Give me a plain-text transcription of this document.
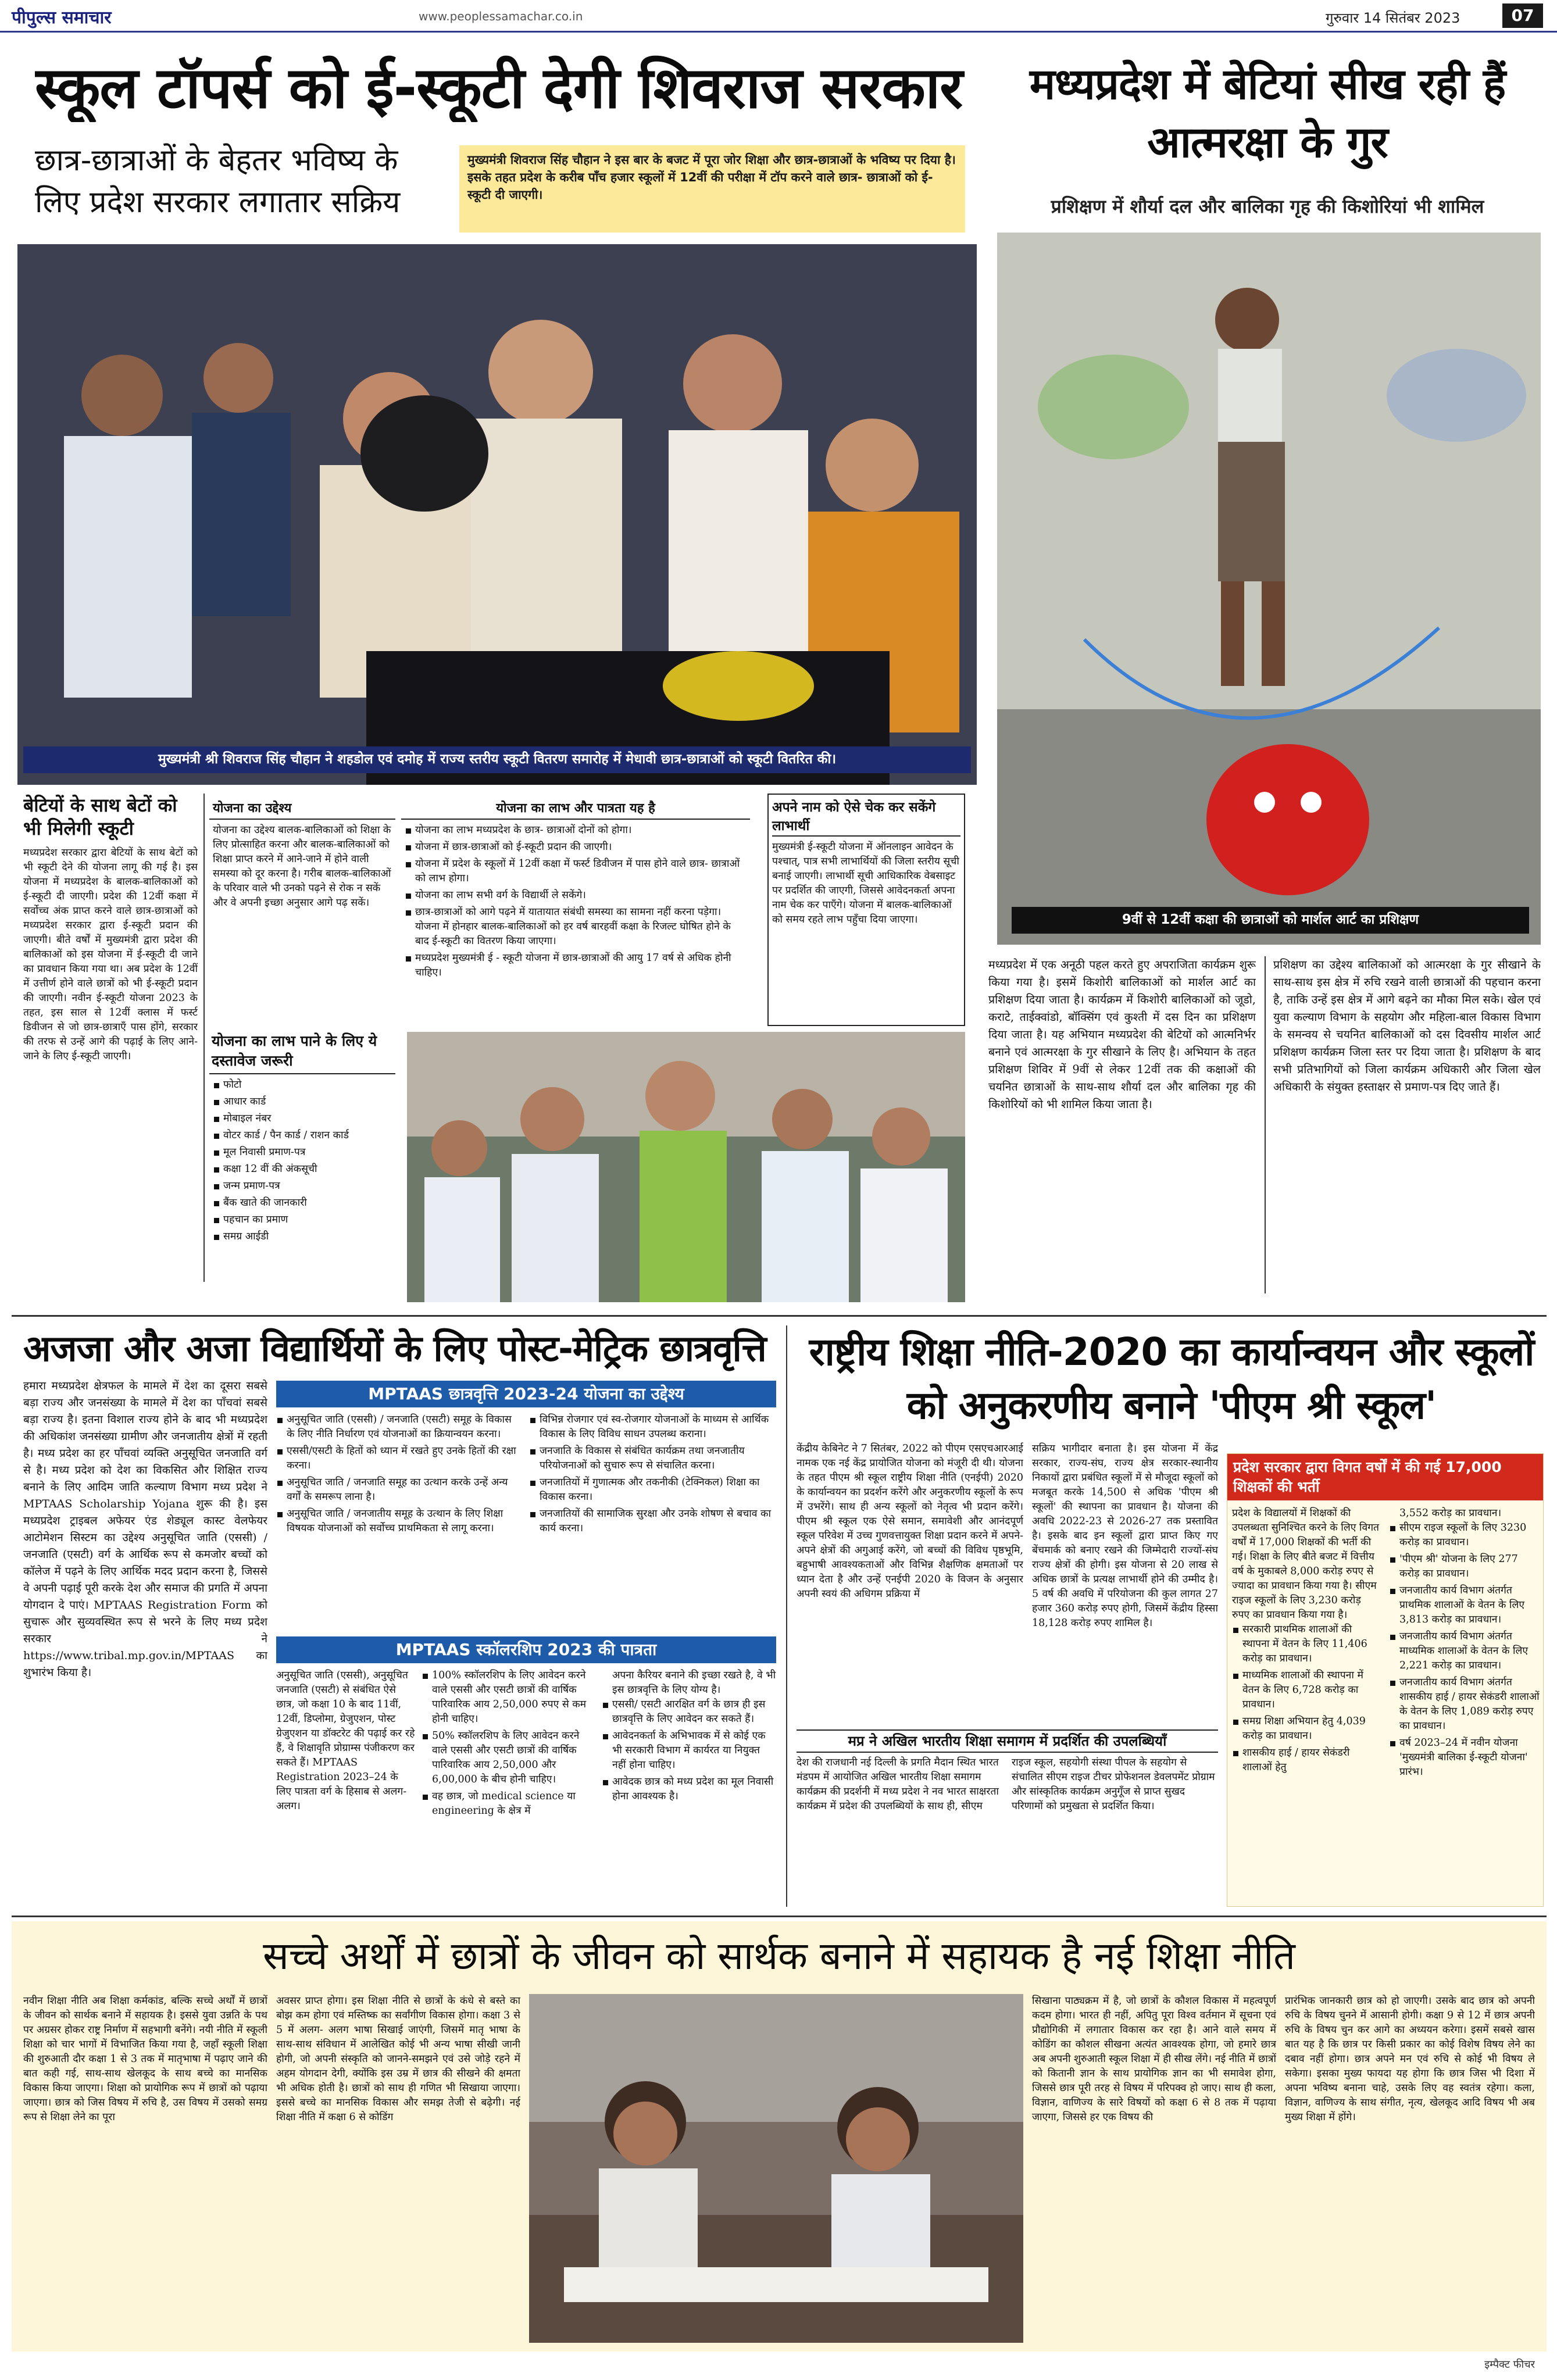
पीपुल्स समाचार	www.peoplessamachar.co.in	गुरुवार 14 सितंबर 2023	07
स्कूल टॉपर्स को ई-स्कूटी देगी शिवराज सरकार
छात्र-छात्राओं के बेहतर भविष्य के लिए प्रदेश सरकार लगातार सक्रिय
मुख्यमंत्री शिवराज सिंह चौहान ने इस बार के बजट में पूरा जोर शिक्षा और छात्र-छात्राओं के भविष्य पर दिया है। इसके तहत प्रदेश के करीब पाँच हजार स्कूलों में 12वीं की परीक्षा में टॉप करने वाले छात्र- छात्राओं को ई- स्कूटी दी जाएगी।
मुख्यमंत्री श्री शिवराज सिंह चौहान ने शहडोल एवं दमोह में राज्य स्तरीय स्कूटी वितरण समारोह में मेधावी छात्र-छात्राओं को स्कूटी वितरित की।
बेटियों के साथ बेटों को भी मिलेगी स्कूटी
मध्यप्रदेश सरकार द्वारा बेटियों के साथ बेटों को भी स्कूटी देने की योजना लागू की गई है। इस योजना में मध्यप्रदेश के बालक-बालिकाओं को ई-स्कूटी दी जाएगी। प्रदेश की 12वीं कक्षा में सर्वोच्च अंक प्राप्त करने वाले छात्र-छात्राओं को मध्यप्रदेश सरकार द्वारा ई-स्कूटी प्रदान की जाएगी। बीते वर्षों में मुख्यमंत्री द्वारा प्रदेश की बालिकाओं को इस योजना में ई-स्कूटी दी जाने का प्रावधान किया गया था। अब प्रदेश के 12वीं में उत्तीर्ण होने वाले छात्रों को भी ई-स्कूटी प्रदान की जाएगी। नवीन ई-स्कूटी योजना 2023 के तहत, इस साल से 12वीं क्लास में फर्स्ट डिवीजन से जो छात्र-छात्राएँ पास होंगे, सरकार की तरफ से उन्हें आगे की पढ़ाई के लिए आने-जाने के लिए ई-स्कूटी जाएगी।
योजना का उद्देश्य
योजना का उद्देश्य बालक-बालिकाओं को शिक्षा के लिए प्रोत्साहित करना और बालक-बालिकाओं को शिक्षा प्राप्त करने में आने-जाने में होने वाली समस्या को दूर करना है। गरीब बालक-बालिकाओं के परिवार वाले भी उनको पढ़ने से रोक न सकें और वे अपनी इच्छा अनुसार आगे पढ़ सकें।
योजना का लाभ और पात्रता यह है
योजना का लाभ मध्यप्रदेश के छात्र- छात्राओं दोनों को होगा।
योजना में छात्र-छात्राओं को ई-स्कूटी प्रदान की जाएगी।
योजना में प्रदेश के स्कूलों में 12वीं कक्षा में फर्स्ट डिवीजन में पास होने वाले छात्र- छात्राओं को लाभ होगा।
योजना का लाभ सभी वर्ग के विद्यार्थी ले सकेंगे।
छात्र-छात्राओं को आगे पढ़ने में यातायात संबंधी समस्या का सामना नहीं करना पड़ेगा। योजना में होनहार बालक-बालिकाओं को हर वर्ष बारहवीं कक्षा के रिजल्ट घोषित होने के बाद ई-स्कूटी का वितरण किया जाएगा।
मध्यप्रदेश मुख्यमंत्री ई - स्कूटी योजना में छात्र-छात्राओं की आयु 17 वर्ष से अधिक होनी चाहिए।
अपने नाम को ऐसे चेक कर सकेंगे लाभार्थी
मुख्यमंत्री ई-स्कूटी योजना में ऑनलाइन आवेदन के पश्चात्, पात्र सभी लाभार्थियों की जिला स्तरीय सूची बनाई जाएगी। लाभार्थी सूची आधिकारिक वेबसाइट पर प्रदर्शित की जाएगी, जिससे आवेदनकर्ता अपना नाम चेक कर पाएँगे। योजना में बालक-बालिकाओं को समय रहते लाभ पहुँचा दिया जाएगा।
योजना का लाभ पाने के लिए ये दस्तावेज जरूरी
फोटो
आधार कार्ड
मोबाइल नंबर
वोटर कार्ड / पैन कार्ड / राशन कार्ड
मूल निवासी प्रमाण-पत्र
कक्षा 12 वीं की अंकसूची
जन्म प्रमाण-पत्र
बैंक खाते की जानकारी
पहचान का प्रमाण
समग्र आईडी
मध्यप्रदेश में बेटियां सीख रही हैं आत्मरक्षा के गुर
प्रशिक्षण में शौर्या दल और बालिका गृह की किशोरियां भी शामिल
9वीं से 12वीं कक्षा की छात्राओं को मार्शल आर्ट का प्रशिक्षण
मध्यप्रदेश में एक अनूठी पहल करते हुए अपराजिता कार्यक्रम शुरू किया गया है। इसमें किशोरी बालिकाओं को मार्शल आर्ट का प्रशिक्षण दिया जाता है। कार्यक्रम में किशोरी बालिकाओं को जूडो, कराटे, ताईक्वांडो, बॉक्सिंग एवं कुश्ती में दस दिन का प्रशिक्षण दिया जाता है। यह अभियान मध्यप्रदेश की बेटियों को आत्मनिर्भर बनाने एवं आत्मरक्षा के गुर सीखाने के लिए है। अभियान के तहत प्रशिक्षण शिविर में 9वीं से लेकर 12वीं तक की कक्षाओं की चयनित छात्राओं के साथ-साथ शौर्या दल और बालिका गृह की किशोरियों को भी शामिल किया जाता है।
प्रशिक्षण का उद्देश्य बालिकाओं को आत्मरक्षा के गुर सीखाने के साथ-साथ इस क्षेत्र में रुचि रखने वाली छात्राओं की पहचान करना है, ताकि उन्हें इस क्षेत्र में आगे बढ़ने का मौका मिल सके। खेल एवं युवा कल्याण विभाग के सहयोग और महिला-बाल विकास विभाग के समन्वय से चयनित बालिकाओं को दस दिवसीय मार्शल आर्ट प्रशिक्षण कार्यक्रम जिला स्तर पर दिया जाता है। प्रशिक्षण के बाद सभी प्रतिभागियों को जिला कार्यक्रम अधिकारी और जिला खेल अधिकारी के संयुक्त हस्ताक्षर से प्रमाण-पत्र दिए जाते हैं।
अजजा और अजा विद्यार्थियों के लिए पोस्ट-मेट्रिक छात्रवृत्ति
हमारा मध्यप्रदेश क्षेत्रफल के मामले में देश का दूसरा सबसे बड़ा राज्य और जनसंख्या के मामले में देश का पाँचवां सबसे बड़ा राज्य है। इतना विशाल राज्य होने के बाद भी मध्यप्रदेश की अधिकांश जनसंख्या ग्रामीण और जनजातीय क्षेत्रों में रहती है। मध्य प्रदेश का हर पाँचवां व्यक्ति अनुसूचित जनजाति वर्ग से है। मध्य प्रदेश को देश का विकसित और शिक्षित राज्य बनाने के लिए आदिम जाति कल्याण विभाग मध्य प्रदेश ने MPTAAS Scholarship Yojana शुरू की है। इस मध्यप्रदेश ट्राइबल अफेयर एंड शेड्यूल कास्ट वेलफेयर आटोमेशन सिस्टम का उद्देश्य अनुसूचित जाति (एससी) / जनजाति (एसटी) वर्ग के आर्थिक रूप से कमजोर बच्चों को कॉलेज में पढ़ने के लिए आर्थिक मदद प्रदान करना है, जिससे वे अपनी पढ़ाई पूरी करके देश और समाज की प्रगति में अपना योगदान दे पाएं। MPTAAS Registration Form को सुचारू और सुव्यवस्थित रूप से भरने के लिए मध्य प्रदेश सरकार ने https://www.tribal.mp.gov.in/MPTAAS का शुभारंभ किया है।
MPTAAS छात्रवृत्ति 2023-24 योजना का उद्देश्य
अनुसूचित जाति (एससी) / जनजाति (एसटी) समूह के विकास के लिए नीति निर्धारण एवं योजनाओं का क्रियान्वयन करना।
एससी/एसटी के हितों को ध्यान में रखते हुए उनके हितों की रक्षा करना।
अनुसूचित जाति / जनजाति समूह का उत्थान करके उन्हें अन्य वर्गों के समरूप लाना है।
अनुसूचित जाति / जनजातीय समूह के उत्थान के लिए शिक्षा विषयक योजनाओं को सर्वोच्च प्राथमिकता से लागू करना।
विभिन्न रोजगार एवं स्व-रोजगार योजनाओं के माध्यम से आर्थिक विकास के लिए विविध साधन उपलब्ध कराना।
जनजाति के विकास से संबंधित कार्यक्रम तथा जनजातीय परियोजनाओं को सुचारु रूप से संचालित करना।
जनजातियों में गुणात्मक और तकनीकी (टेक्निकल) शिक्षा का विकास करना।
जनजातियों की सामाजिक सुरक्षा और उनके शोषण से बचाव का कार्य करना।
MPTAAS स्कॉलरशिप 2023 की पात्रता
अनुसूचित जाति (एससी), अनुसूचित जनजाति (एसटी) से संबंधित ऐसे छात्र, जो कक्षा 10 के बाद 11वीं, 12वीं, डिप्लोमा, ग्रेजुएशन, पोस्ट ग्रेजुएशन या डॉक्टरेट की पढ़ाई कर रहे हैं, वे शिक्षावृति प्रोग्राम्स पंजीकरण कर सकते हैं। MPTAAS Registration 2023–24 के लिए पात्रता वर्ग के हिसाब से अलग-अलग।
100% स्कॉलरशिप के लिए आवेदन करने वाले एससी और एसटी छात्रों की वार्षिक पारिवारिक आय 2,50,000 रुपए से कम होनी चाहिए।
50% स्कॉलरशिप के लिए आवेदन करने वाले एससी और एसटी छात्रों की वार्षिक पारिवारिक आय 2,50,000 और 6,00,000 के बीच होनी चाहिए।
वह छात्र, जो medical science या engineering के क्षेत्र में
अपना कैरियर बनाने की इच्छा रखते है, वे भी इस छात्रवृत्ति के लिए योग्य है।
एससी/ एसटी आरक्षित वर्ग के छात्र ही इस छात्रवृत्ति के लिए आवेदन कर सकते हैं।
आवेदनकर्ता के अभिभावक में से कोई एक भी सरकारी विभाग में कार्यरत या नियुक्त नहीं होना चाहिए।
आवेदक छात्र को मध्य प्रदेश का मूल निवासी होना आवश्यक है।
राष्ट्रीय शिक्षा नीति-2020 का कार्यान्वयन और स्कूलों को अनुकरणीय बनाने 'पीएम श्री स्कूल'
केंद्रीय केबिनेट ने 7 सितंबर, 2022 को पीएम एसएचआरआई नामक एक नई केंद्र प्रायोजित योजना को मंजूरी दी थी। योजना के तहत पीएम श्री स्कूल राष्ट्रीय शिक्षा नीति (एनईपी) 2020 के कार्यान्वयन का प्रदर्शन करेंगे और अनुकरणीय स्कूलों के रूप में उभरेंगे। साथ ही अन्य स्कूलों को नेतृत्व भी प्रदान करेंगे। पीएम श्री स्कूल एक ऐसे समान, समावेशी और आनंदपूर्ण स्कूल परिवेश में उच्च गुणवत्तायुक्त शिक्षा प्रदान करने में अपने-अपने क्षेत्रों की अगुआई करेंगे, जो बच्चों की विविध पृष्ठभूमि, बहुभाषी आवश्यकताओं और विभिन्न शैक्षणिक क्षमताओं पर ध्यान देता है और उन्हें एनईपी 2020 के विजन के अनुसार अपनी स्वयं की अधिगम प्रक्रिया में
सक्रिय भागीदार बनाता है। इस योजना में केंद्र सरकार, राज्य-संघ, राज्य क्षेत्र सरकार-स्थानीय निकायों द्वारा प्रबंधित स्कूलों में से मौजूदा स्कूलों को मजबूत करके 14,500 से अधिक 'पीएम श्री स्कूलों' की स्थापना का प्रावधान है। योजना की अवधि 2022-23 से 2026-27 तक प्रस्तावित है। इसके बाद इन स्कूलों द्वारा प्राप्त किए गए बेंचमार्क को बनाए रखने की जिम्मेदारी राज्यों-संघ राज्य क्षेत्रों की होगी। इस योजना से 20 लाख से अधिक छात्रों के प्रत्यक्ष लाभार्थी होने की उम्मीद है। 5 वर्ष की अवधि में परियोजना की कुल लागत 27 हजार 360 करोड़ रुपए होगी, जिसमें केंद्रीय हिस्सा 18,128 करोड़ रुपए शामिल है।
मप्र ने अखिल भारतीय शिक्षा समागम में प्रदर्शित की उपलब्धियाँ
देश की राजधानी नई दिल्ली के प्रगति मैदान स्थित भारत मंडपम में आयोजित अखिल भारतीय शिक्षा समागम कार्यक्रम की प्रदर्शनी में मध्य प्रदेश ने नव भारत साक्षरता कार्यक्रम में प्रदेश की उपलब्धियों के साथ ही, सीएम
राइज स्कूल, सहयोगी संस्था पीपल के सहयोग से संचालित सीएम राइज टीचर प्रोफेशनल डेवलपमेंट प्रोग्राम और सांस्कृतिक कार्यक्रम अनुगूँज से प्राप्त सुखद परिणामों को प्रमुखता से प्रदर्शित किया।
प्रदेश सरकार द्वारा विगत वर्षों में की गई 17,000 शिक्षकों की भर्ती
प्रदेश के विद्यालयों में शिक्षकों की उपलब्धता सुनिश्चित करने के लिए विगत वर्षों में 17,000 शिक्षकों की भर्ती की गई। शिक्षा के लिए बीते बजट में वित्तीय वर्ष के मुकाबले 8,000 करोड़ रुपए से ज्यादा का प्रावधान किया गया है। सीएम राइज स्कूलों के लिए 3,230 करोड़ रुपए का प्रावधान किया गया है।
सरकारी प्राथमिक शालाओं की स्थापना में वेतन के लिए 11,406 करोड़ का प्रावधान।
माध्यमिक शालाओं की स्थापना में वेतन के लिए 6,728 करोड़ का प्रावधान।
समग्र शिक्षा अभियान हेतु 4,039 करोड़ का प्रावधान।
शासकीय हाई / हायर सेकंडरी शालाओं हेतु
3,552 करोड़ का प्रावधान।
सीएम राइज स्कूलों के लिए 3230 करोड़ का प्रावधान।
'पीएम श्री' योजना के लिए 277 करोड़ का प्रावधान।
जनजातीय कार्य विभाग अंतर्गत प्राथमिक शालाओं के वेतन के लिए 3,813 करोड़ का प्रावधान।
जनजातीय कार्य विभाग अंतर्गत माध्यमिक शालाओं के वेतन के लिए 2,221 करोड़ का प्रावधान।
जनजातीय कार्य विभाग अंतर्गत शासकीय हाई / हायर सेकंडरी शालाओं के वेतन के लिए 1,089 करोड़ रुपए का प्रावधान।
वर्ष 2023–24 में नवीन योजना 'मुख्यमंत्री बालिका ई-स्कूटी योजना' प्रारंभ।
सच्चे अर्थों में छात्रों के जीवन को सार्थक बनाने में सहायक है नई शिक्षा नीति
नवीन शिक्षा नीति अब शिक्षा कर्मकांड, बल्कि सच्चे अर्थों में छात्रों के जीवन को सार्थक बनाने में सहायक है। इससे युवा उन्नति के पथ पर अग्रसर होकर राष्ट्र निर्माण में सहभागी बनेंगे। नयी नीति में स्कूली शिक्षा को चार भागों में विभाजित किया गया है, जहाँ स्कूली शिक्षा की शुरुआती दौर कक्षा 1 से 3 तक में मातृभाषा में पढ़ाए जाने की बात कही गई, साथ-साथ खेलकूद के साथ बच्चे का मानसिक विकास किया जाएगा। शिक्षा को प्रायोगिक रूप में छात्रों को पढ़ाया जाएगा। छात्र को जिस विषय में रुचि है, उस विषय में उसको समग्र रूप से शिक्षा लेने का पूरा
अवसर प्राप्त होगा। इस शिक्षा नीति से छात्रों के कंधे से बस्ते का बोझ कम होगा एवं मस्तिष्क का सर्वांगीण विकास होगा। कक्षा 3 से 5 में अलग- अलग भाषा सिखाई जाएंगी, जिसमें मातृ भाषा के साथ-साथ संविधान में आलेखित कोई भी अन्य भाषा सीखी जानी होगी, जो अपनी संस्कृति को जानने-समझने एवं उसे जोड़े रहने में अहम योगदान देगी, क्योंकि इस उम्र में छात्र की सीखने की क्षमता भी अधिक होती है। छात्रों को साथ ही गणित भी सिखाया जाएगा। इससे बच्चे का मानसिक विकास और समझ तेजी से बढ़ेगी। नई शिक्षा नीति में कक्षा 6 से कोडिंग
सिखाना पाठ्यक्रम में है, जो छात्रों के कौशल विकास में महत्वपूर्ण कदम होगा। भारत ही नहीं, अपितु पूरा विश्व वर्तमान में सूचना एवं प्रौद्योगिकी में लगातार विकास कर रहा है। आने वाले समय में कोडिंग का कौशल सीखना अत्यंत आवश्यक होगा, जो हमारे छात्र अब अपनी शुरुआती स्कूल शिक्षा में ही सीख लेंगे। नई नीति में छात्रों को कितानी ज्ञान के साथ प्रायोगिक ज्ञान का भी समावेश होगा, जिससे छात्र पूरी तरह से विषय में परिपक्व हो जाए। साथ ही कला, विज्ञान, वाणिज्य के सारे विषयों को कक्षा 6 से 8 तक में पढ़ाया जाएगा, जिससे हर एक विषय की
प्रारंभिक जानकारी छात्र को हो जाएगी। उसके बाद छात्र को अपनी रुचि के विषय चुनने में आसानी होगी। कक्षा 9 से 12 में छात्र अपनी रुचि के विषय चुन कर आगे का अध्ययन करेगा। इसमें सबसे खास बात यह है कि छात्र पर किसी प्रकार का कोई विशेष विषय लेने का दबाव नहीं होगा। छात्र अपने मन एवं रुचि से कोई भी विषय ले सकेगा। इसका मुख्य फायदा यह होगा कि छात्र जिस भी दिशा में अपना भविष्य बनाना चाहे, उसके लिए वह स्वतंत्र रहेगा। कला, विज्ञान, वाणिज्य के साथ संगीत, नृत्य, खेलकूद आदि विषय भी अब मुख्य शिक्षा में होंगे।
इम्पैक्ट फीचर
